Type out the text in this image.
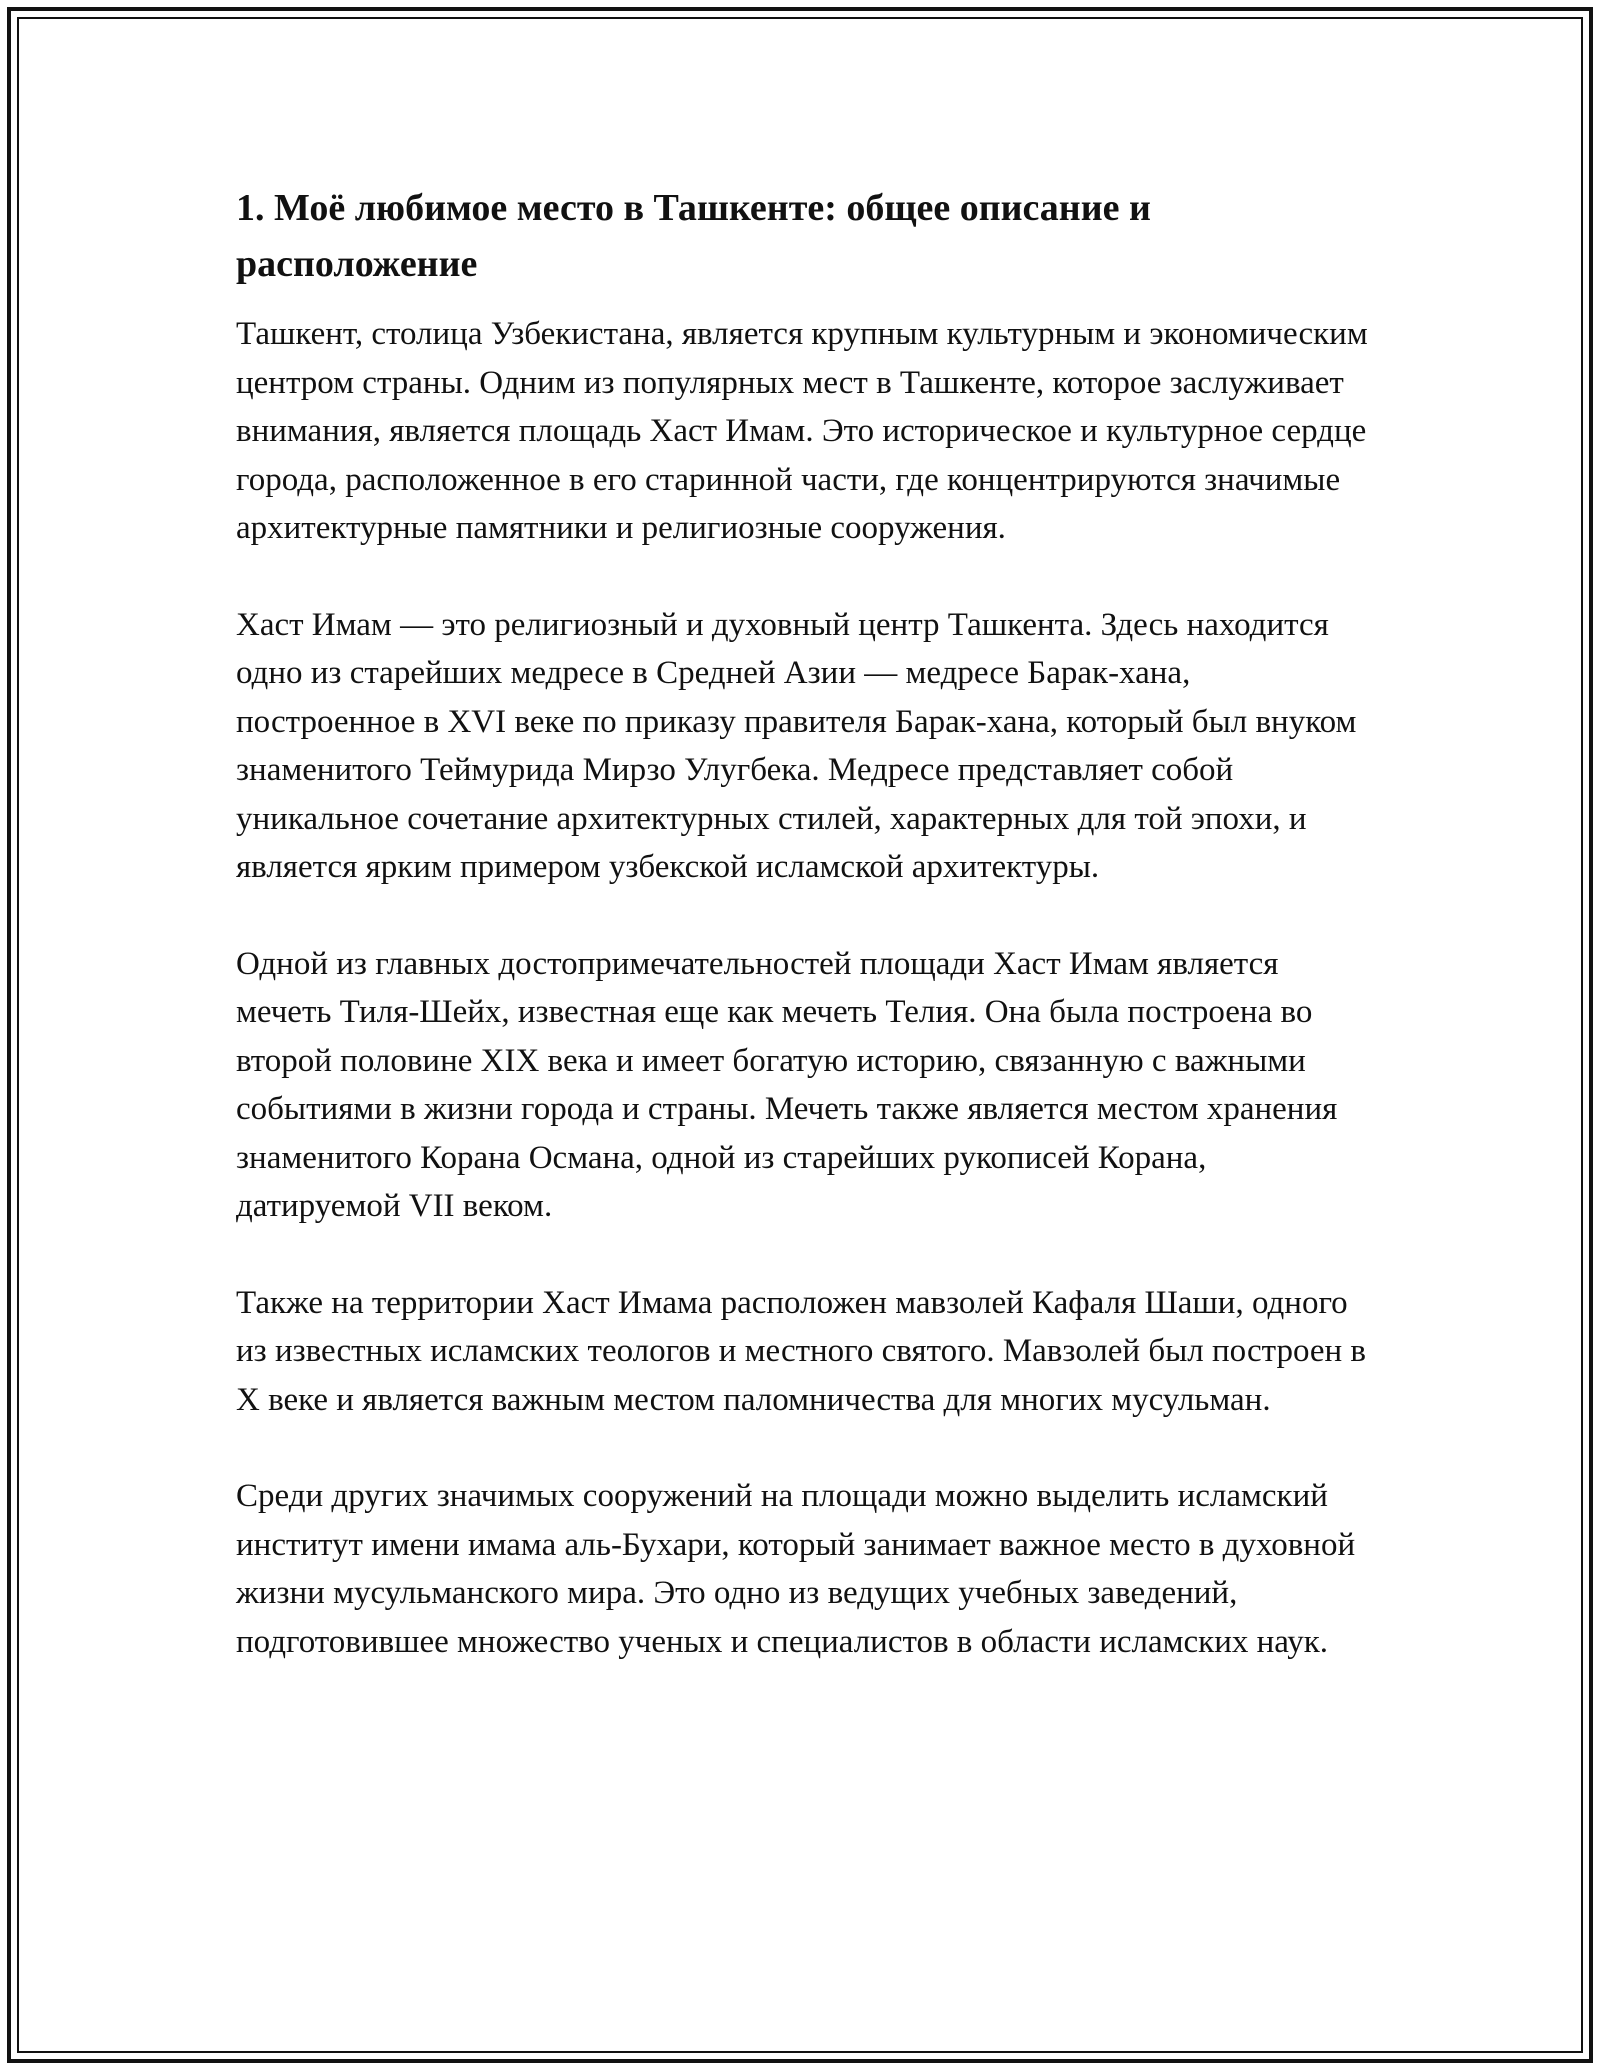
1. Моё любимое место в Ташкенте: общее описание и расположение

Ташкент, столица Узбекистана, является крупным культурным и экономическим центром страны. Одним из популярных мест в Ташкенте, которое заслуживает внимания, является площадь Хаст Имам. Это историческое и культурное сердце города, расположенное в его старинной части, где концентрируются значимые архитектурные памятники и религиозные сооружения.

Хаст Имам — это религиозный и духовный центр Ташкента. Здесь находится одно из старейших медресе в Средней Азии — медресе Барак-хана, построенное в XVI веке по приказу правителя Барак-хана, который был внуком знаменитого Теймурида Мирзо Улугбека. Медресе представляет собой уникальное сочетание архитектурных стилей, характерных для той эпохи, и является ярким примером узбекской исламской архитектуры.

Одной из главных достопримечательностей площади Хаст Имам является мечеть Тиля-Шейх, известная еще как мечеть Телия. Она была построена во второй половине XIX века и имеет богатую историю, связанную с важными событиями в жизни города и страны. Мечеть также является местом хранения знаменитого Корана Османа, одной из старейших рукописей Корана, датируемой VII веком.

Также на территории Хаст Имама расположен мавзолей Кафаля Шаши, одного из известных исламских теологов и местного святого. Мавзолей был построен в X веке и является важным местом паломничества для многих мусульман.

Среди других значимых сооружений на площади можно выделить исламский институт имени имама аль-Бухари, который занимает важное место в духовной жизни мусульманского мира. Это одно из ведущих учебных заведений, подготовившее множество ученых и специалистов в области исламских наук.
